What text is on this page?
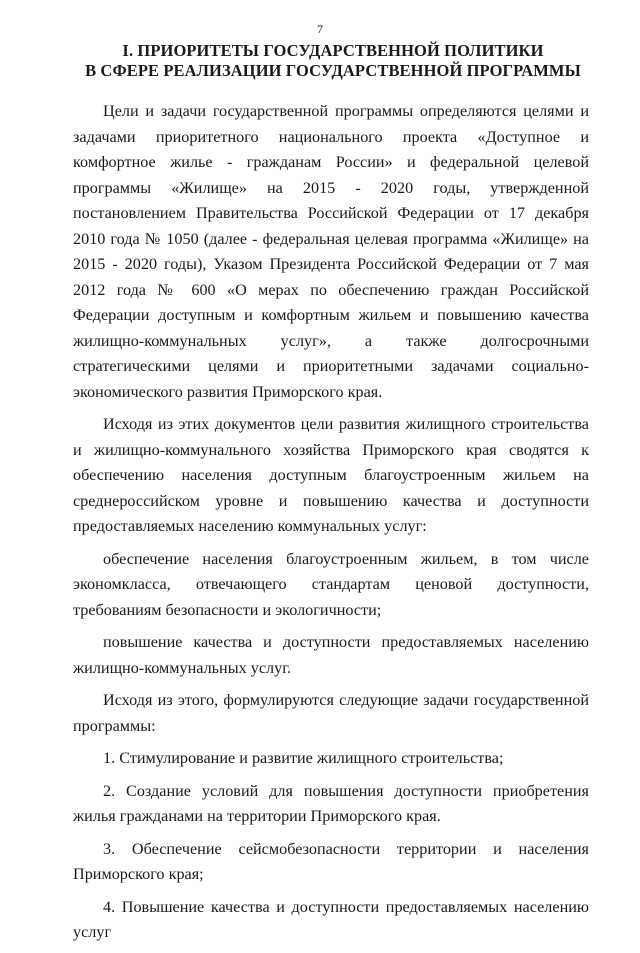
7
I. ПРИОРИТЕТЫ ГОСУДАРСТВЕННОЙ ПОЛИТИКИ
В СФЕРЕ РЕАЛИЗАЦИИ ГОСУДАРСТВЕННОЙ ПРОГРАММЫ

Цели и задачи государственной программы определяются целями и задачами приоритетного национального проекта «Доступное и комфортное жилье - гражданам России» и федеральной целевой программы «Жилище» на 2015 - 2020 годы, утвержденной постановлением Правительства Российской Федерации от 17 декабря 2010 года № 1050 (далее - федеральная целевая программа «Жилище» на 2015 - 2020 годы), Указом Президента Российской Федерации от 7 мая 2012 года № 600 «О мерах по обеспечению граждан Российской Федерации доступным и комфортным жильем и повышению качества жилищно-коммунальных услуг», а также долгосрочными стратегическими целями и приоритетными задачами социально-экономического развития Приморского края.

Исходя из этих документов цели развития жилищного строительства и жилищно-коммунального хозяйства Приморского края сводятся к обеспечению населения доступным благоустроенным жильем на среднероссийском уровне и повышению качества и доступности предоставляемых населению коммунальных услуг:

обеспечение населения благоустроенным жильем, в том числе экономкласса, отвечающего стандартам ценовой доступности, требованиям безопасности и экологичности;

повышение качества и доступности предоставляемых населению жилищно-коммунальных услуг.

Исходя из этого, формулируются следующие задачи государственной программы:

1. Стимулирование и развитие жилищного строительства;

2. Создание условий для повышения доступности приобретения жилья гражданами на территории Приморского края.

3. Обеспечение сейсмобезопасности территории и населения Приморского края;

4. Повышение качества и доступности предоставляемых населению услуг
